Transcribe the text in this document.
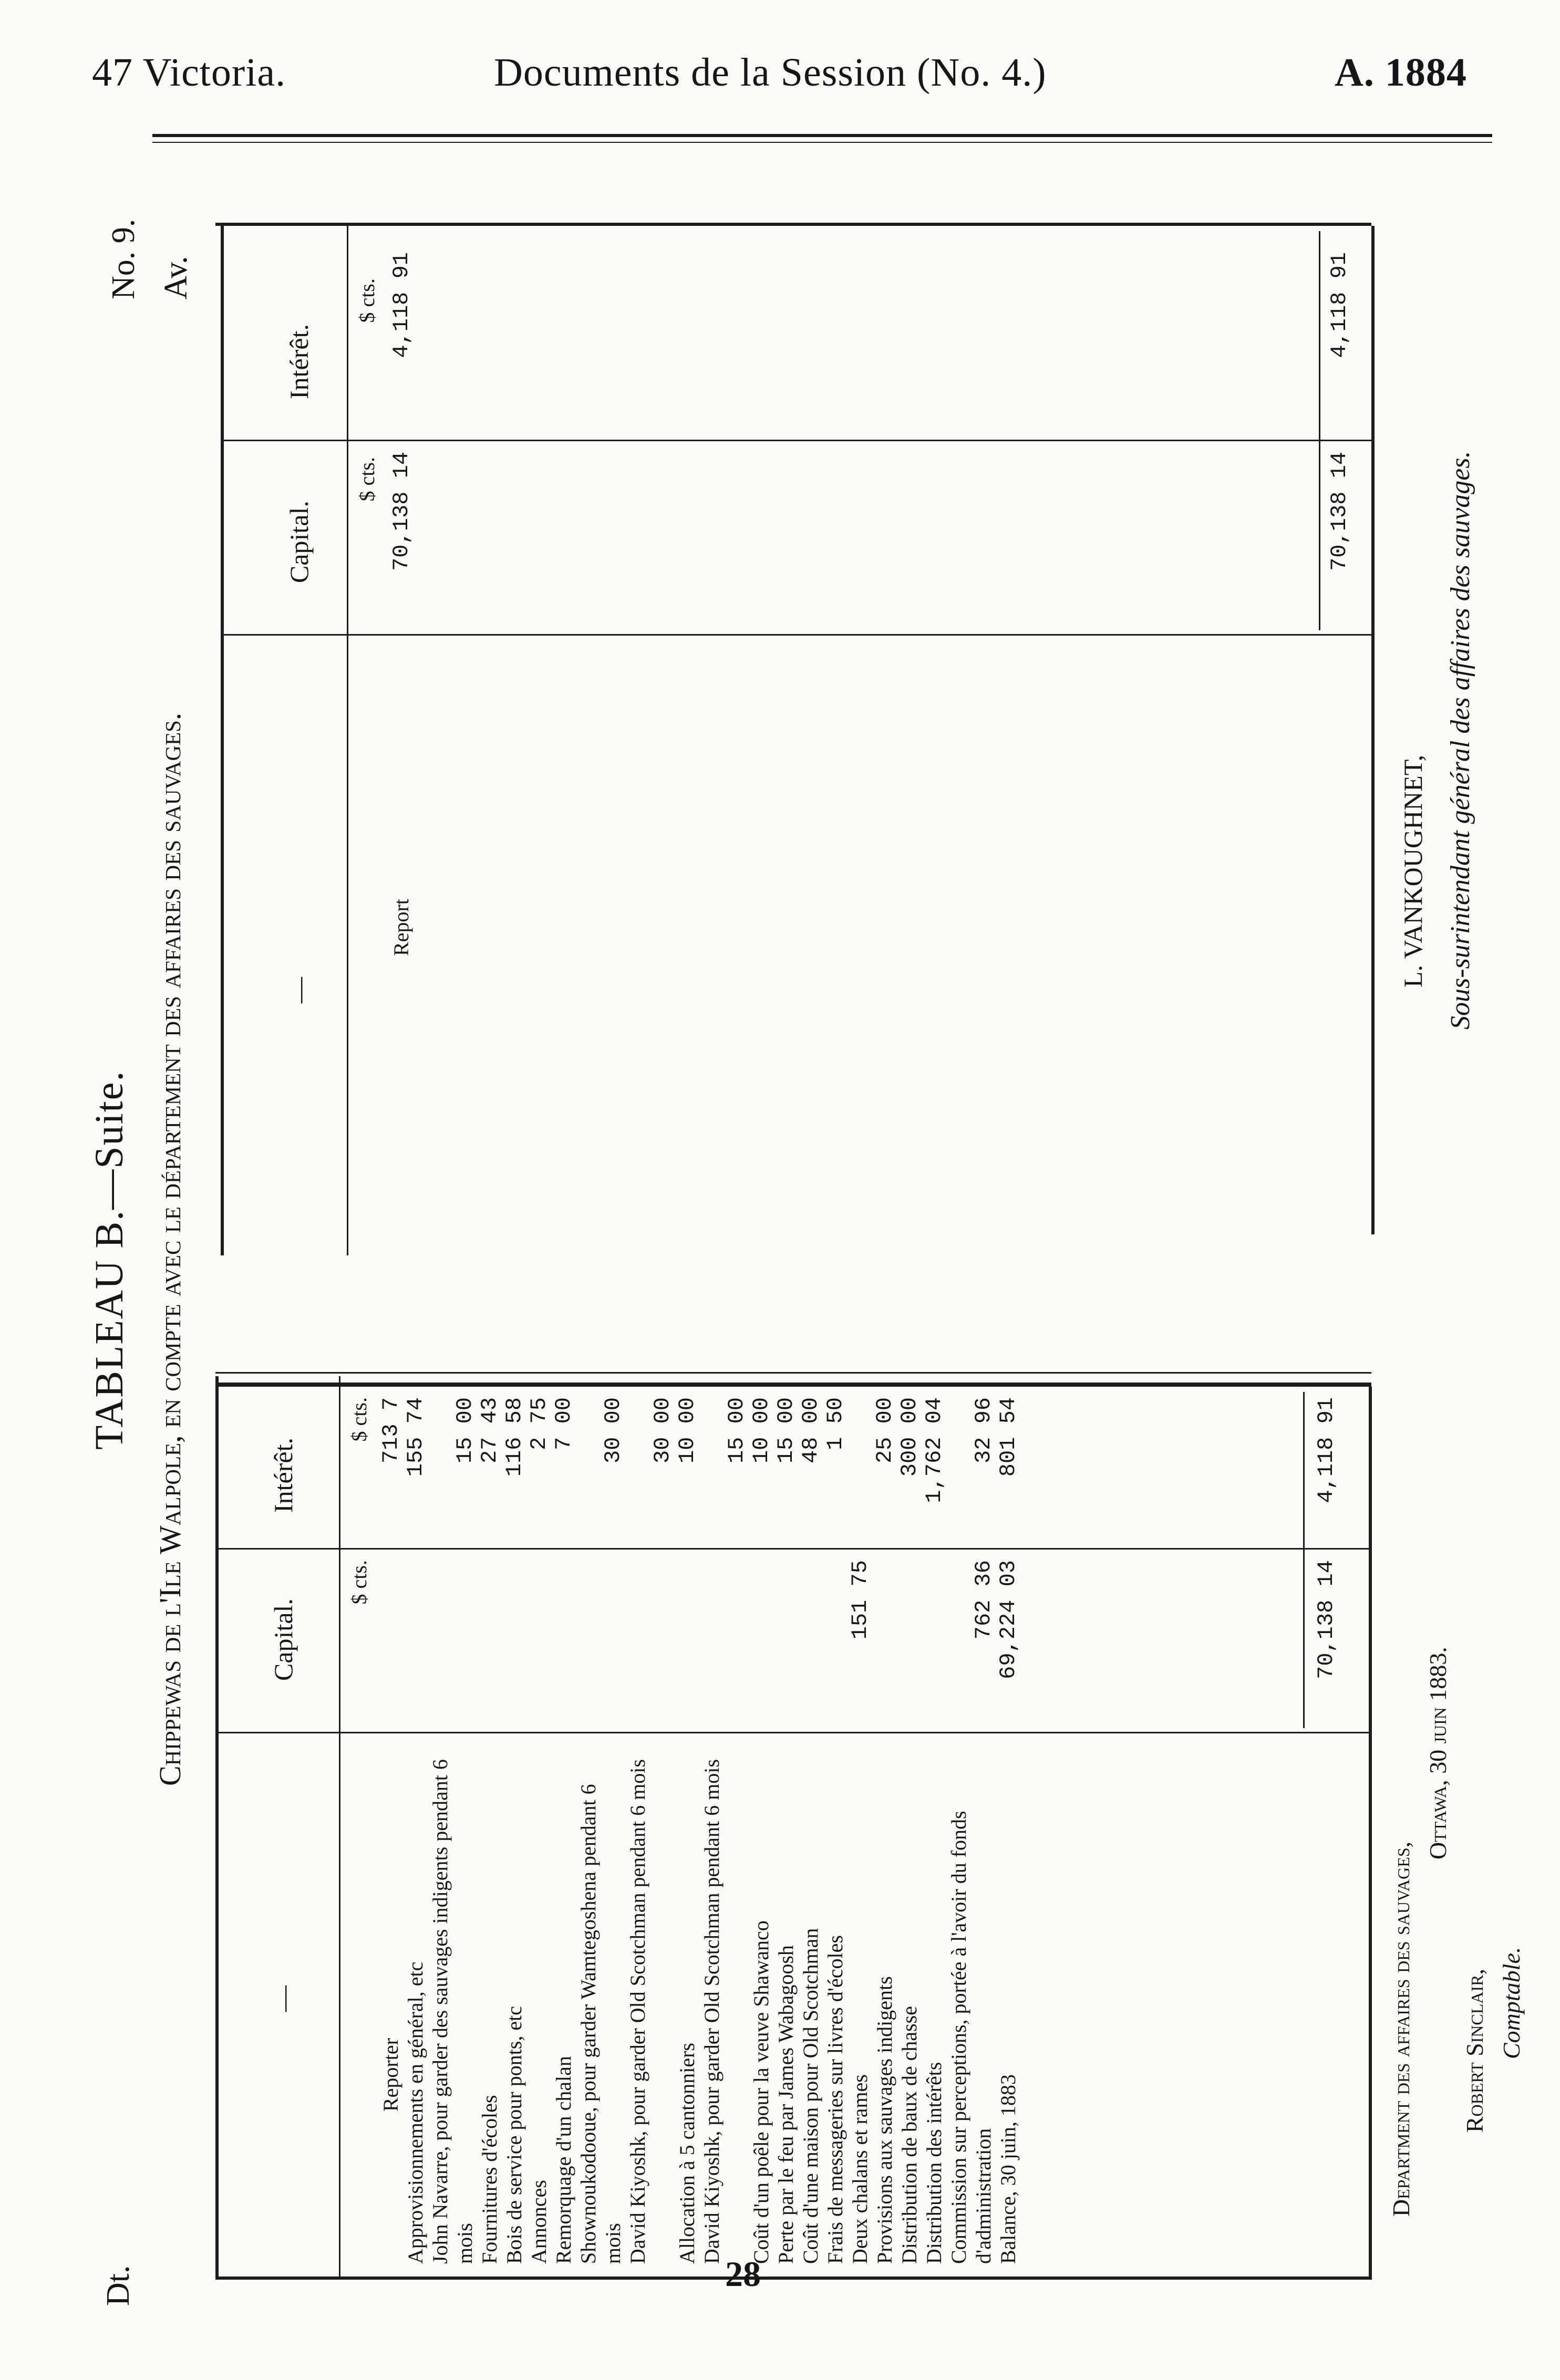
47 Victoria.	Documents de la Session (No. 4.)	A. 1884
Dt.
Av.
No. 9.
TABLEAU B.—Suite. Chippewas de l'Ile Walpole, en compte avec le département des affaires des sauvages.
—
Capital.
Intérêt.
$ cts.
$ cts.
Reporter
713 7
Approvisionnements en général, etc
155 74
John Navarre, pour garder des sauvages indigents pendant 6 mois
15 00
Fournitures d'écoles
27 43
Bois de service pour ponts, etc
116 58
Annonces
2 75
Remorquage d'un chalan
7 00
Shownoukodooue, pour garder Wamtegoshena pendant 6 mois
30 00
David Kiyoshk, pour garder Old Scotchman pendant 6 mois
30 00
Allocation à 5 cantonniers
10 00
David Kiyoshk, pour garder Old Scotchman pendant 6 mois
15 00
Coût d'un poêle pour la veuve Shawanco
10 00
Perte par le feu par James Wabagoosh
15 00
Coût d'une maison pour Old Scotchman
48 00
Frais de messageries sur livres d'écoles
1 50
Deux chalans et rames
151 75
Provisions aux sauvages indigents
25 00
Distribution de baux de chasse
300 00
Distribution des intérêts
1,762 04
Commission sur perceptions, portée à l'avoir du fonds d'administration
762 36
32 96
Balance, 30 juin, 1883
69,224 03
801 54
70,138 14
4,118 91
—
Capital.
Intérêt.
$ cts.
$ cts.
Report
70,138 14
4,118 91
70,138 14
4,118 91
L. VANKOUGHNET, Sous-surintendant général des affaires des sauvages.
Department des affaires des sauvages,
Ottawa, 30 juin 1883.
Robert Sinclair, Comptable.
28
